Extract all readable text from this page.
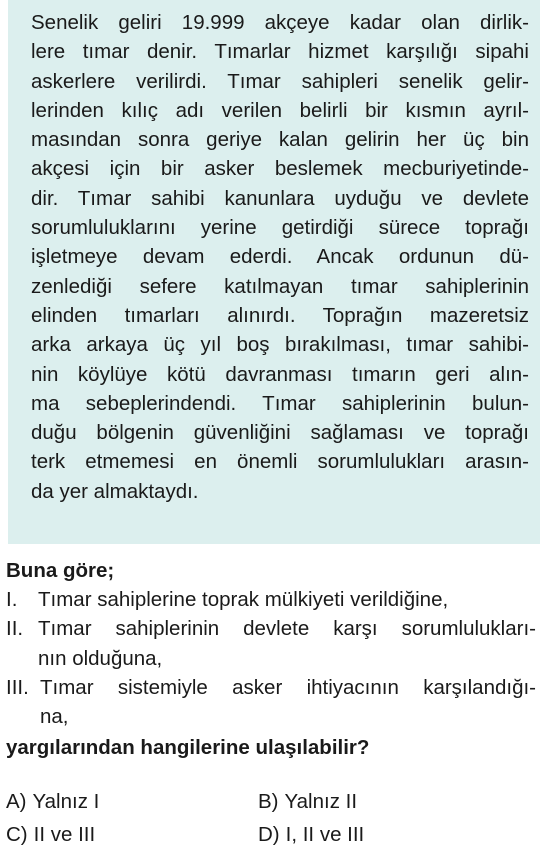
Senelik geliri 19.999 akçeye kadar olan dirlik-
lere tımar denir. Tımarlar hizmet karşılığı sipahi
askerlere verilirdi. Tımar sahipleri senelik gelir-
lerinden kılıç adı verilen belirli bir kısmın ayrıl-
masından sonra geriye kalan gelirin her üç bin
akçesi için bir asker beslemek mecburiyetinde-
dir. Tımar sahibi kanunlara uyduğu ve devlete
sorumluluklarını yerine getirdiği sürece toprağı
işletmeye devam ederdi. Ancak ordunun dü-
zenlediği sefere katılmayan tımar sahiplerinin
elinden tımarları alınırdı. Toprağın mazeretsiz
arka arkaya üç yıl boş bırakılması, tımar sahibi-
nin köylüye kötü davranması tımarın geri alın-
ma sebeplerindendi. Tımar sahiplerinin bulun-
duğu bölgenin güvenliğini sağlaması ve toprağı
terk etmemesi en önemli sorumlulukları arasın-
da yer almaktaydı.
Buna göre;
I.	Tımar sahiplerine toprak mülkiyeti verildiğine,
II. Tımar sahiplerinin devlete karşı sorumlulukları-
nın olduğuna,
III. Tımar sistemiyle asker ihtiyacının karşılandığı-
na,
yargılarından hangilerine ulaşılabilir?
A) Yalnız I	B) Yalnız II
C) II ve III	D) I, II ve III
